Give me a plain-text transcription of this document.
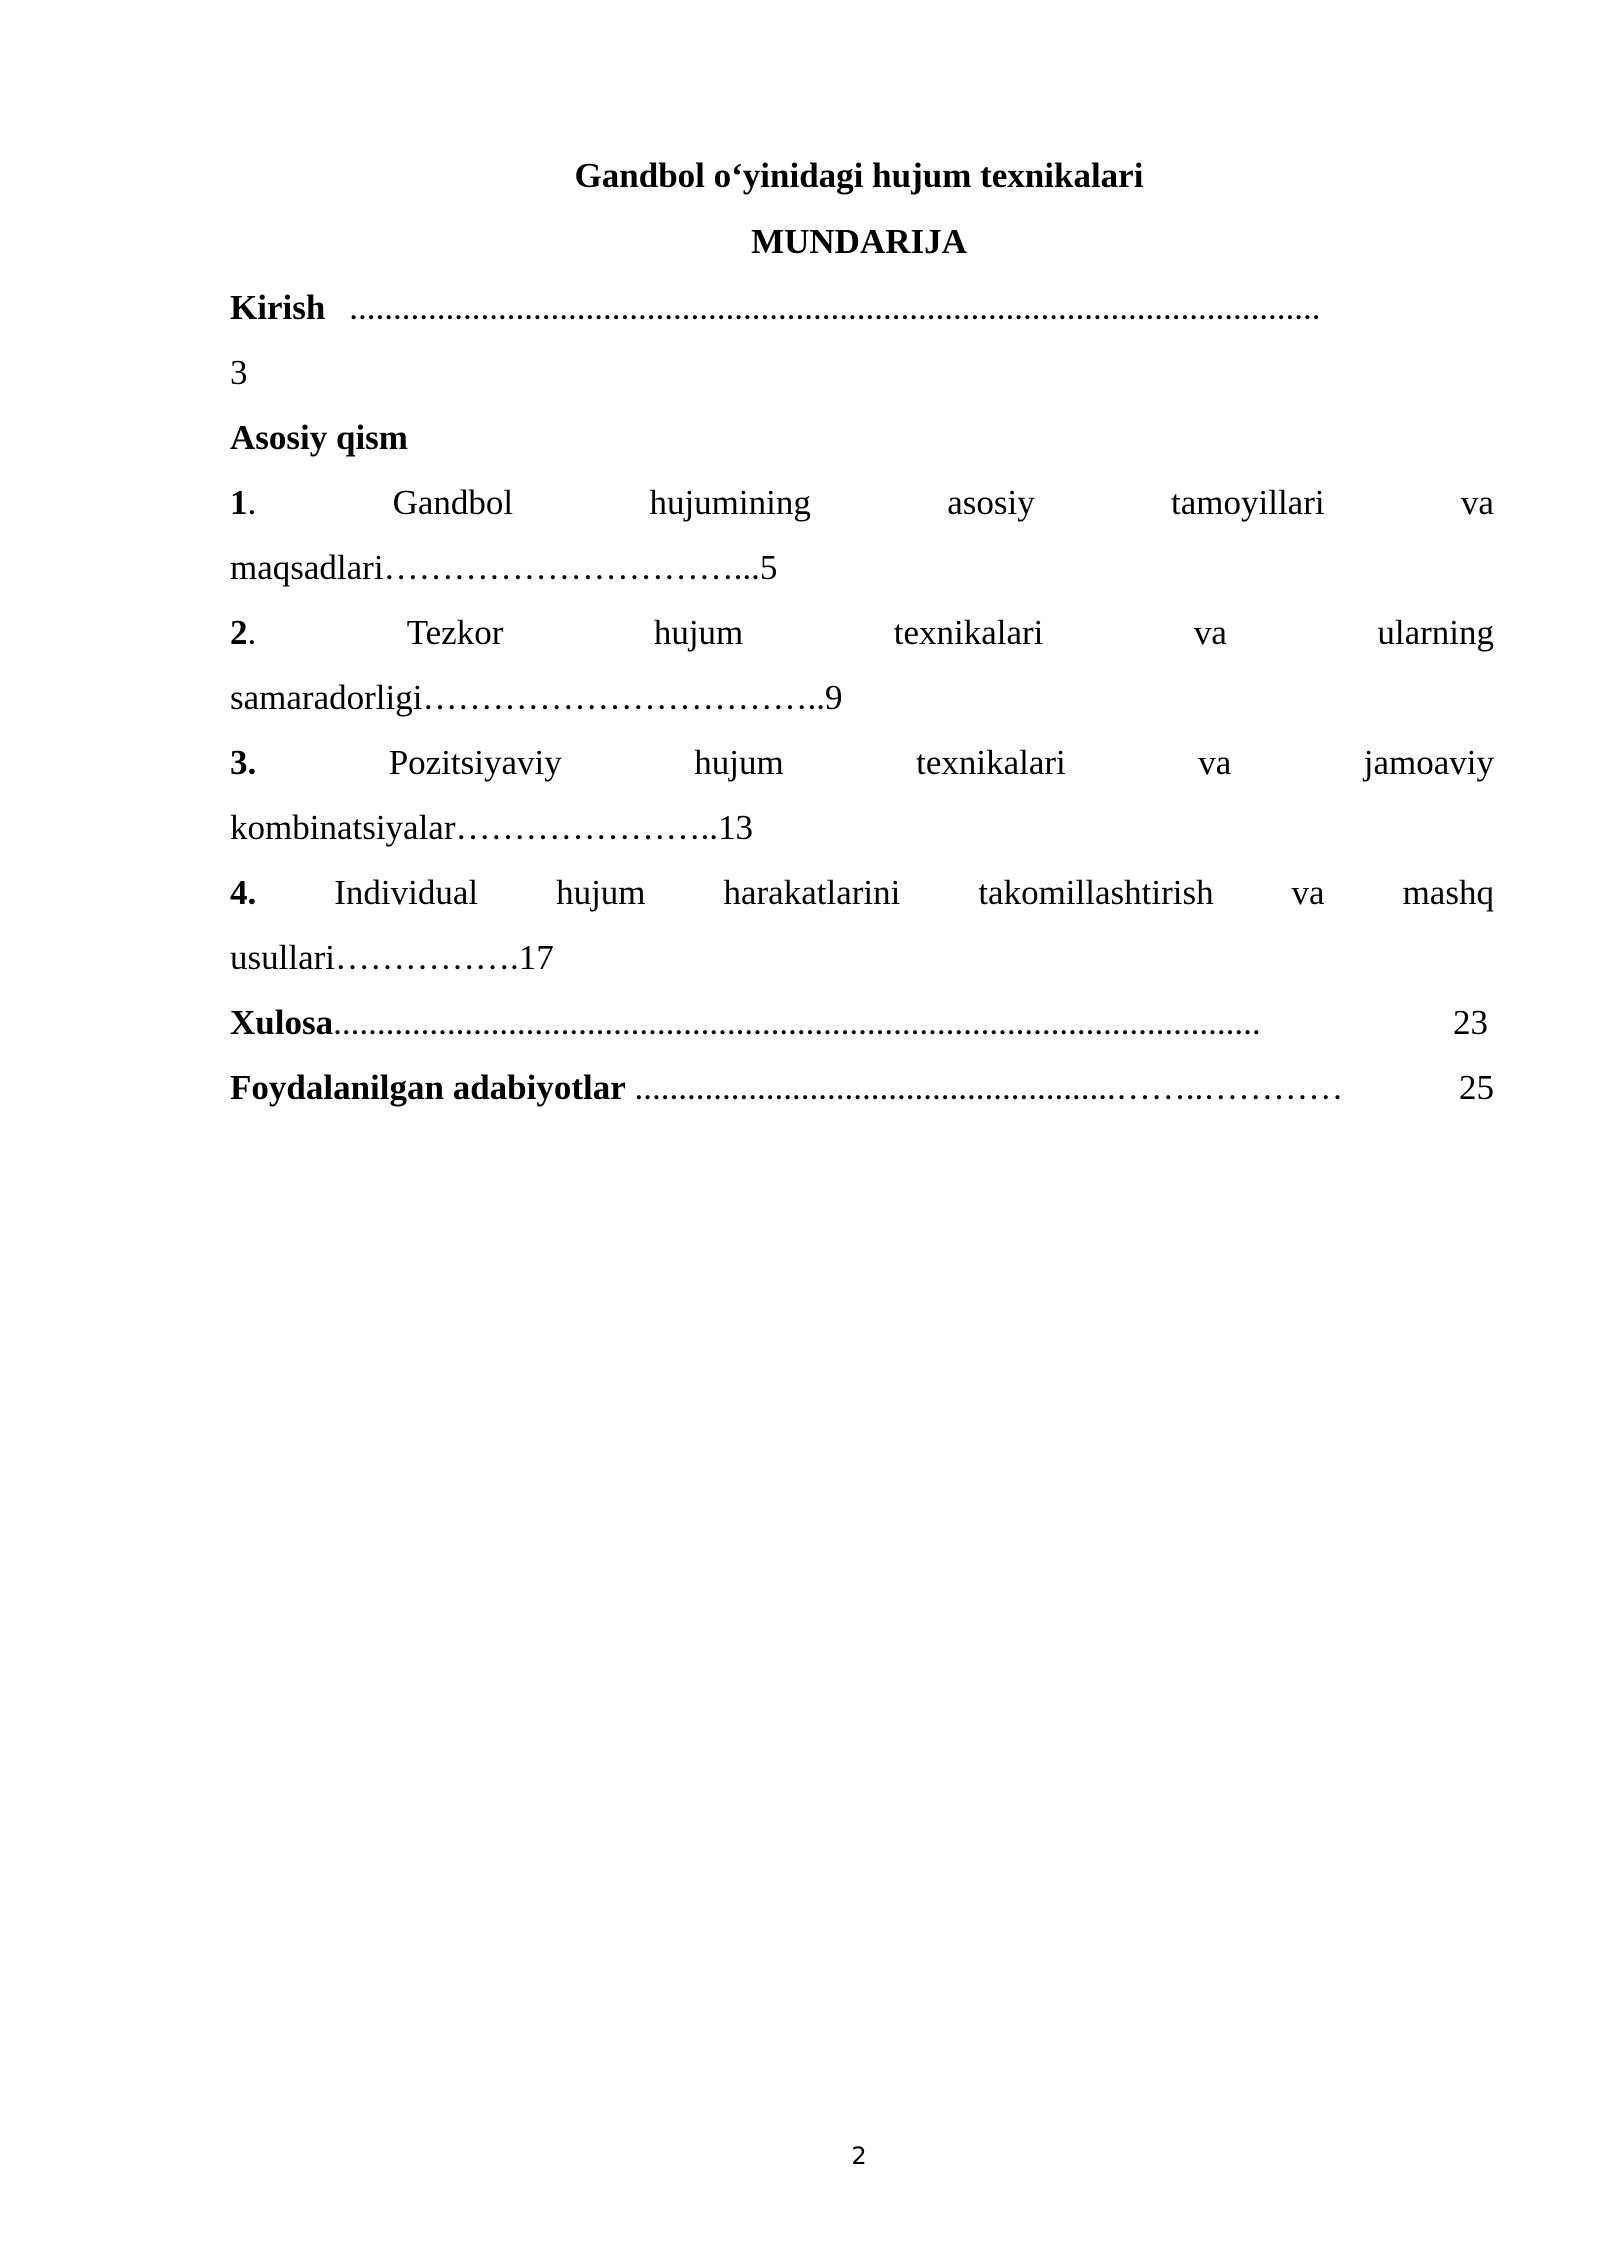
Gandbol o‘yinidagi hujum texnikalari
MUNDARIJA
Kirish ...............................................................................................................
3
Asosiy qism
1.	Gandbol	hujumining	asosiy	tamoyillari	va
maqsadlari…………………………...5
2.	Tezkor	hujum	texnikalari	va	ularning
samaradorligi……………………………..9
3.	Pozitsiyaviy	hujum	texnikalari	va	jamoaviy
kombinatsiyalar…………………..13
4. Individual hujum harakatlarini takomillashtirish va mashq
usullari…………….17
Xulosa ..........................................................................................................	23
Foydalanilgan adabiyotlar .......................................................……..…………	25
2
